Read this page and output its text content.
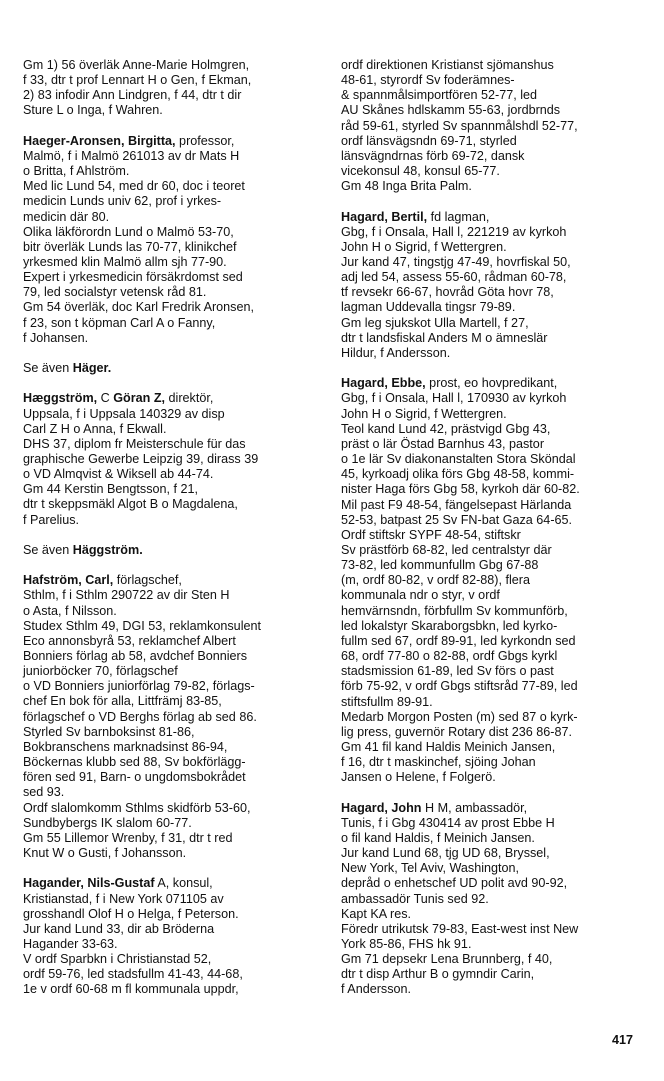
Gm 1) 56 överläk Anne-Marie Holmgren,
f 33, dtr t prof Lennart H o Gen, f Ekman,
2) 83 infodir Ann Lindgren, f 44, dtr t dir
Sture L o Inga, f Wahren.
Haeger-Aronsen, Birgitta, professor,
Malmö, f i Malmö 261013 av dr Mats H
o Britta, f Ahlström.
Med lic Lund 54, med dr 60, doc i teoret
medicin Lunds univ 62, prof i yrkes-
medicin där 80.
Olika läkförordn Lund o Malmö 53-70,
bitr överläk Lunds las 70-77, klinikchef
yrkesmed klin Malmö allm sjh 77-90.
Expert i yrkesmedicin försäkrdomst sed
79, led socialstyr vetensk råd 81.
Gm 54 överläk, doc Karl Fredrik Aronsen,
f 23, son t köpman Carl A o Fanny,
f Johansen.
Se även Häger.
Hæggström, C Göran Z, direktör,
Uppsala, f i Uppsala 140329 av disp
Carl Z H o Anna, f Ekwall.
DHS 37, diplom fr Meisterschule für das
graphische Gewerbe Leipzig 39, dirass 39
o VD Almqvist & Wiksell ab 44-74.
Gm 44 Kerstin Bengtsson, f 21,
dtr t skeppsmäkl Algot B o Magdalena,
f Parelius.
Se även Häggström.
Hafström, Carl, förlagschef,
Sthlm, f i Sthlm 290722 av dir Sten H
o Asta, f Nilsson.
Studex Sthlm 49, DGI 53, reklamkonsulent
Eco annonsbyrå 53, reklamchef Albert
Bonniers förlag ab 58, avdchef Bonniers
juniorböcker 70, förlagschef
o VD Bonniers juniorförlag 79-82, förlags-
chef En bok för alla, Littfrämj 83-85,
förlagschef o VD Berghs förlag ab sed 86.
Styrled Sv barnboksinst 81-86,
Bokbranschens marknadsinst 86-94,
Böckernas klubb sed 88, Sv bokförlägg-
fören sed 91, Barn- o ungdomsbokrådet
sed 93.
Ordf slalomkomm Sthlms skidförb 53-60,
Sundbybergs IK slalom 60-77.
Gm 55 Lillemor Wrenby, f 31, dtr t red
Knut W o Gusti, f Johansson.
Hagander, Nils-Gustaf A, konsul,
Kristianstad, f i New York 071105 av
grosshandl Olof H o Helga, f Peterson.
Jur kand Lund 33, dir ab Bröderna
Hagander 33-63.
V ordf Sparbkn i Christianstad 52,
ordf 59-76, led stadsfullm 41-43, 44-68,
1e v ordf 60-68 m fl kommunala uppdr,
ordf direktionen Kristianst sjömanshus
48-61, styrordf Sv foderämnes-
& spannmålsimportfören 52-77, led
AU Skånes hdlskamm 55-63, jordbrnds
råd 59-61, styrled Sv spannmålshdl 52-77,
ordf länsvägsndn 69-71, styrled
länsvägndrnas förb 69-72, dansk
vicekonsul 48, konsul 65-77.
Gm 48 Inga Brita Palm.
Hagard, Bertil, fd lagman,
Gbg, f i Onsala, Hall l, 221219 av kyrkoh
John H o Sigrid, f Wettergren.
Jur kand 47, tingstjg 47-49, hovrfiskal 50,
adj led 54, assess 55-60, rådman 60-78,
tf revsekr 66-67, hovråd Göta hovr 78,
lagman Uddevalla tingsr 79-89.
Gm leg sjukskot Ulla Martell, f 27,
dtr t landsfiskal Anders M o ämneslär
Hildur, f Andersson.
Hagard, Ebbe, prost, eo hovpredikant,
Gbg, f i Onsala, Hall l, 170930 av kyrkoh
John H o Sigrid, f Wettergren.
Teol kand Lund 42, prästvigd Gbg 43,
präst o lär Östad Barnhus 43, pastor
o 1e lär Sv diakonanstalten Stora Sköndal
45, kyrkoadj olika förs Gbg 48-58, kommi-
nister Haga förs Gbg 58, kyrkoh där 60-82.
Mil past F9 48-54, fängelsepast Härlanda
52-53, batpast 25 Sv FN-bat Gaza 64-65.
Ordf stiftskr SYPF 48-54, stiftskr
Sv prästförb 68-82, led centralstyr där
73-82, led kommunfullm Gbg 67-88
(m, ordf 80-82, v ordf 82-88), flera
kommunala ndr o styr, v ordf
hemvärnsndn, förbfullm Sv kommunförb,
led lokalstyr Skaraborgsbkn, led kyrko-
fullm sed 67, ordf 89-91, led kyrkondn sed
68, ordf 77-80 o 82-88, ordf Gbgs kyrkl
stadsmission 61-89, led Sv förs o past
förb 75-92, v ordf Gbgs stiftsråd 77-89, led
stiftsfullm 89-91.
Medarb Morgon Posten (m) sed 87 o kyrk-
lig press, guvernör Rotary dist 236 86-87.
Gm 41 fil kand Haldis Meinich Jansen,
f 16, dtr t maskinchef, sjöing Johan
Jansen o Helene, f Folgerö.
Hagard, John H M, ambassadör,
Tunis, f i Gbg 430414 av prost Ebbe H
o fil kand Haldis, f Meinich Jansen.
Jur kand Lund 68, tjg UD 68, Bryssel,
New York, Tel Aviv, Washington,
depråd o enhetschef UD polit avd 90-92,
ambassadör Tunis sed 92.
Kapt KA res.
Föredr utrikutsk 79-83, East-west inst New
York 85-86, FHS hk 91.
Gm 71 depsekr Lena Brunnberg, f 40,
dtr t disp Arthur B o gymndir Carin,
f Andersson.
417
